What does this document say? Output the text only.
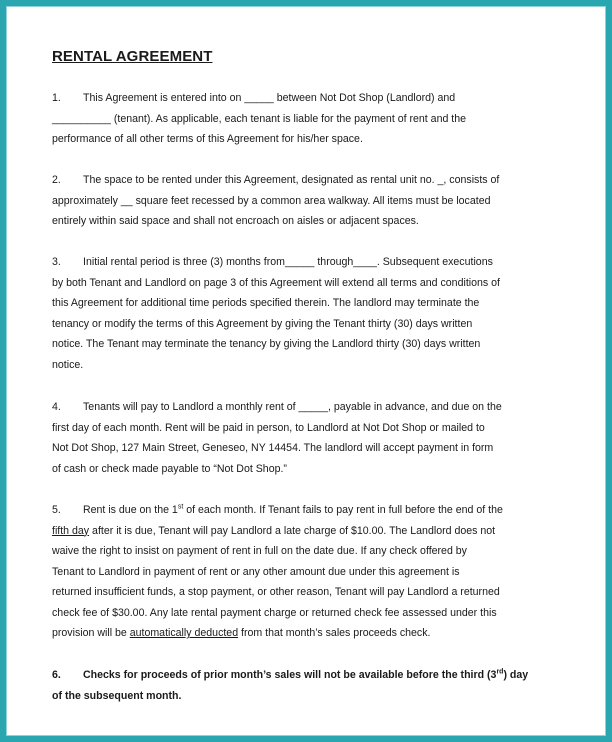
RENTAL AGREEMENT
1. This Agreement is entered into on _____ between Not Dot Shop (Landlord) and
__________ (tenant). As applicable, each tenant is liable for the payment of rent and the
performance of all other terms of this Agreement for his/her space.
2. The space to be rented under this Agreement, designated as rental unit no. _, consists of
approximately __ square feet recessed by a common area walkway. All items must be located
entirely within said space and shall not encroach on aisles or adjacent spaces.
3. Initial rental period is three (3) months from_____ through____. Subsequent executions
by both Tenant and Landlord on page 3 of this Agreement will extend all terms and conditions of
this Agreement for additional time periods specified therein. The landlord may terminate the
tenancy or modify the terms of this Agreement by giving the Tenant thirty (30) days written
notice. The Tenant may terminate the tenancy by giving the Landlord thirty (30) days written
notice.
4. Tenants will pay to Landlord a monthly rent of _____, payable in advance, and due on the
first day of each month. Rent will be paid in person, to Landlord at Not Dot Shop or mailed to
Not Dot Shop, 127 Main Street, Geneseo, NY 14454. The landlord will accept payment in form
of cash or check made payable to “Not Dot Shop.”
5. Rent is due on the 1st of each month. If Tenant fails to pay rent in full before the end of the
fifth day after it is due, Tenant will pay Landlord a late charge of $10.00. The Landlord does not
waive the right to insist on payment of rent in full on the date due. If any check offered by
Tenant to Landlord in payment of rent or any other amount due under this agreement is
returned insufficient funds, a stop payment, or other reason, Tenant will pay Landlord a returned
check fee of $30.00. Any late rental payment charge or returned check fee assessed under this
provision will be automatically deducted from that month’s sales proceeds check.
6. Checks for proceeds of prior month’s sales will not be available before the third (3rd) day
of the subsequent month.
